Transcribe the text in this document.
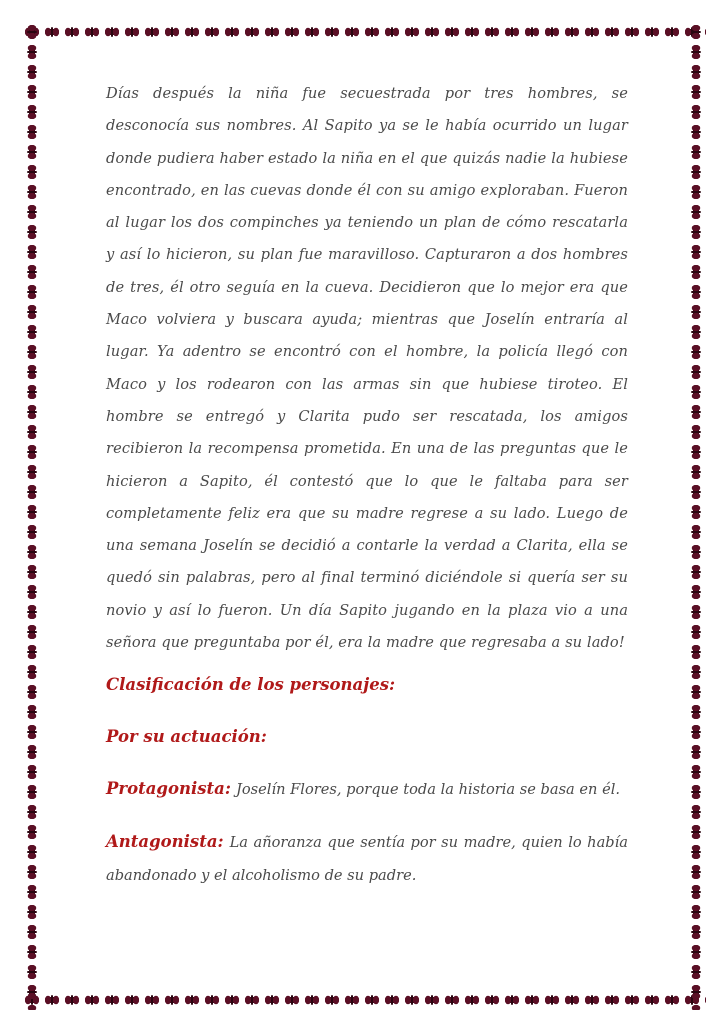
Días después la niña fue secuestrada por tres hombres, se desconocía sus nombres. Al Sapito ya se le había ocurrido un lugar donde pudiera haber estado la niña en el que quizás nadie la hubiese encontrado, en las cuevas donde él con su amigo exploraban. Fueron al lugar los dos compinches ya teniendo un plan de cómo rescatarla y así lo hicieron, su plan fue maravilloso. Capturaron a dos hombres de tres, él otro seguía en la cueva. Decidieron que lo mejor era que Maco volviera y buscara ayuda; mientras que Joselín entraría al lugar. Ya adentro se encontró con el hombre, la policía llegó con Maco y los rodearon con las armas sin que hubiese tiroteo. El hombre se entregó y Clarita pudo ser rescatada, los amigos recibieron la recompensa prometida. En una de las preguntas que le hicieron a Sapito, él contestó que lo que le faltaba para ser completamente feliz era que su madre regrese a su lado. Luego de una semana Joselín se decidió a contarle la verdad a Clarita, ella se quedó sin palabras, pero al final terminó diciéndole si quería ser su novio y así lo fueron. Un día Sapito jugando en la plaza vio a una señora que preguntaba por él, era la madre que regresaba a su lado!

Clasificación de los personajes:
Por su actuación:

Protagonista: Joselín Flores, porque toda la historia se basa en él.

Antagonista: La añoranza que sentía por su madre, quien lo había abandonado y el alcoholismo de su padre.
